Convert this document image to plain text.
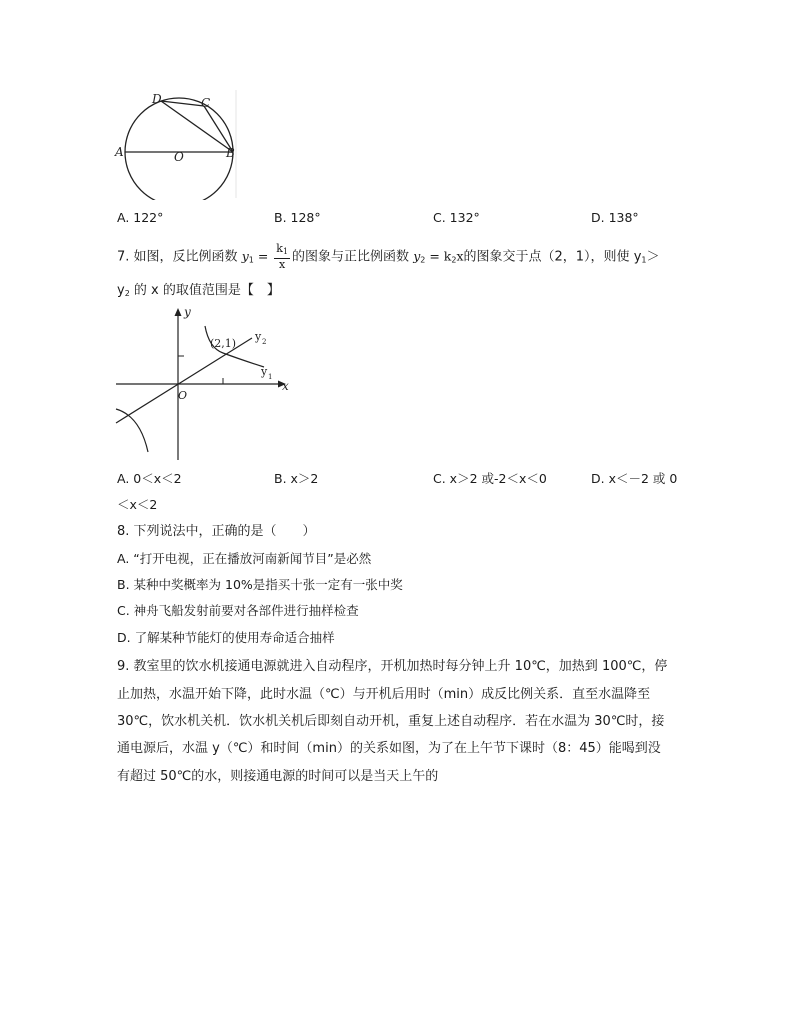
D	C
A	O	B
A. 122°	B. 128°	C. 132°	D. 138°
7. 如图，反比例函数 $y_1 = \frac{k_1}{x}$ 的图象与正比例函数 $y_2 = k_2x$的图象交于点（2，1），则使 $y_1>$
$y_2$ 的 x 的取值范围是【　】
y
x
O
(2,1)
y 2
y 1
A. 0＜x＜2	B. x＞2	C. x＞2 或-2＜x＜0	D. x＜－2 或 0
＜x＜2
8. 下列说法中，正确的是（　　）
A. “打开电视，正在播放河南新闻节目”是必然
B. 某种中奖概率为 10%是指买十张一定有一张中奖
C. 神舟飞船发射前要对各部件进行抽样检查
D. 了解某种节能灯的使用寿命适合抽样
9. 教室里的饮水机接通电源就进入自动程序，开机加热时每分钟上升 10℃，加热到 100℃，停
止加热，水温开始下降，此时水温（℃）与开机后用时（min）成反比例关系．直至水温降至
30℃，饮水机关机．饮水机关机后即刻自动开机，重复上述自动程序．若在水温为 30℃时，接
通电源后，水温 y（℃）和时间（min）的关系如图，为了在上午节下课时（8：45）能喝到没
有超过 50℃的水，则接通电源的时间可以是当天上午的
